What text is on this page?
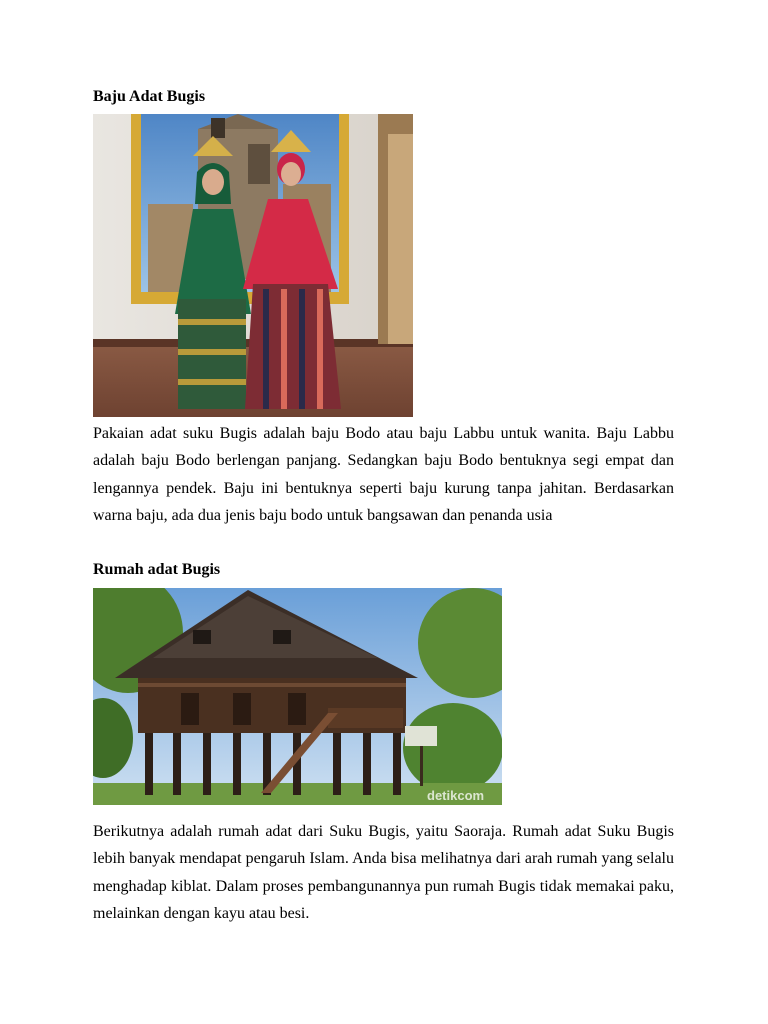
Baju Adat Bugis

Pakaian adat suku Bugis adalah baju Bodo atau baju Labbu untuk wanita. Baju Labbu adalah baju Bodo berlengan panjang. Sedangkan baju Bodo bentuknya segi empat dan lengannya pendek. Baju ini bentuknya seperti baju kurung tanpa jahitan. Berdasarkan warna baju, ada dua jenis baju bodo untuk bangsawan dan penanda usia

Rumah adat Bugis
detikcom

Berikutnya adalah rumah adat dari Suku Bugis, yaitu Saoraja. Rumah adat Suku Bugis lebih banyak mendapat pengaruh Islam. Anda bisa melihatnya dari arah rumah yang selalu menghadap kiblat. Dalam proses pembangunannya pun rumah Bugis tidak memakai paku, melainkan dengan kayu atau besi.
